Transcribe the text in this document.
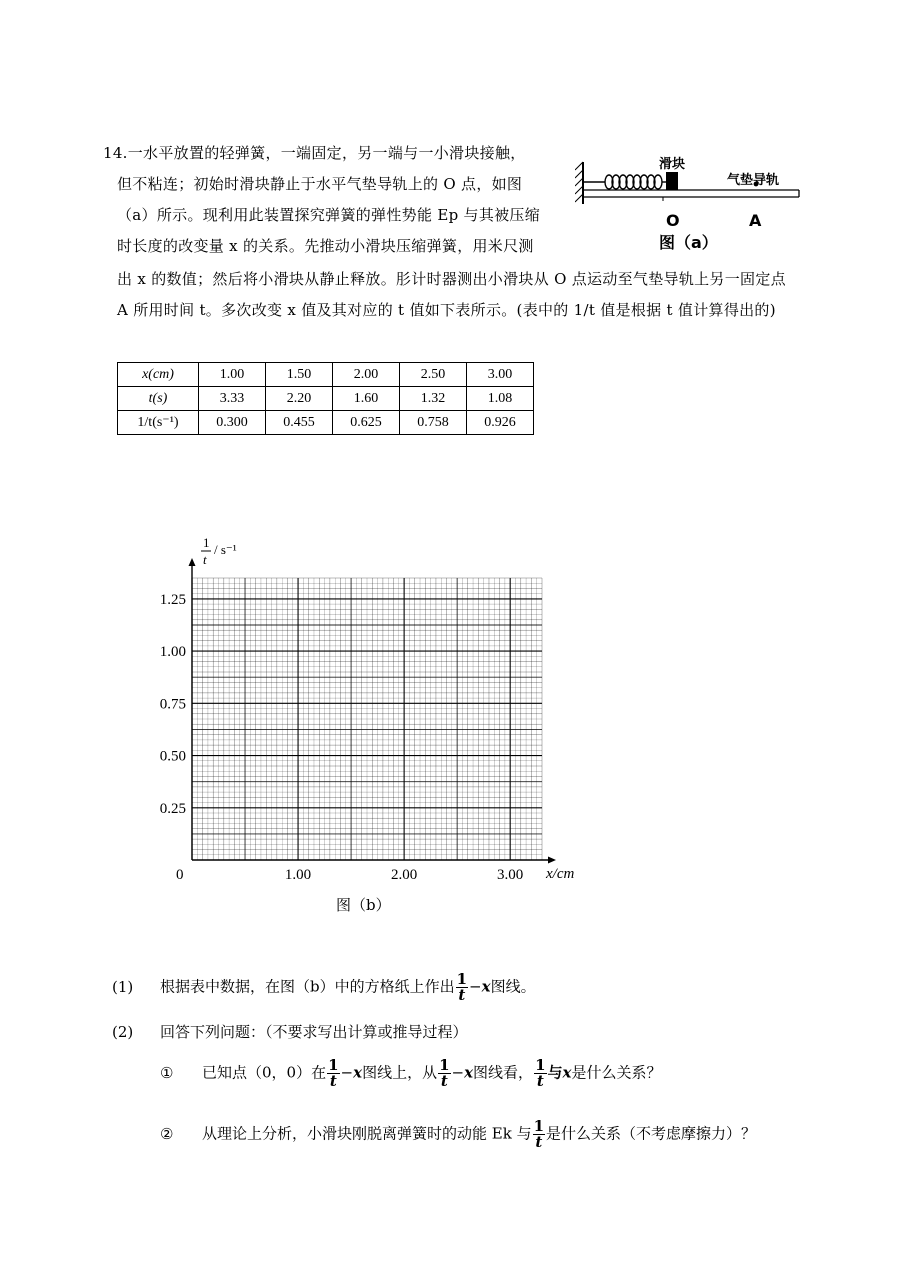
14.一水平放置的轻弹簧，一端固定，另一端与一小滑块接触，
但不粘连；初始时滑块静止于水平气垫导轨上的 O 点，如图
（a）所示。现利用此装置探究弹簧的弹性势能 Ep 与其被压缩
时长度的改变量 x 的关系。先推动小滑块压缩弹簧，用米尺测
出 x 的数值；然后将小滑块从静止释放。肜计时器测出小滑块从 O 点运动至气垫导轨上另一固定点
A 所用时间 t。多次改变 x 值及其对应的 t 值如下表所示。(表中的 1/t 值是根据 t 值计算得出的)
滑块
气垫导轨
O	A
图（a）
x(cm)	1.00	1.50	2.00	2.50	3.00
t(s)	3.33	2.20	1.60	1.32	1.08
1/t(s⁻¹)	0.300	0.455	0.625	0.758	0.926
0	1.00	2.00	3.00
0.25
0.50
0.75
1.00
1.25
1
t
/ s⁻¹
x/cm
图（b）
(1) 根据表中数据，在图（b）中的方格纸上作出 $\frac{1}{t} -x$图线。
(2) 回答下列问题：（不要求写出计算或推导过程）
① 已知点（0，0）在 $\frac{1}{t} -x$图线上，从 $\frac{1}{t} -x$图线看， $\frac{1}{t}$ 与x是什么关系？
② 从理论上分析，小滑块刚脱离弹簧时的动能 Ek 与 $\frac{1}{t}$ 是什么关系（不考虑摩擦力）？
